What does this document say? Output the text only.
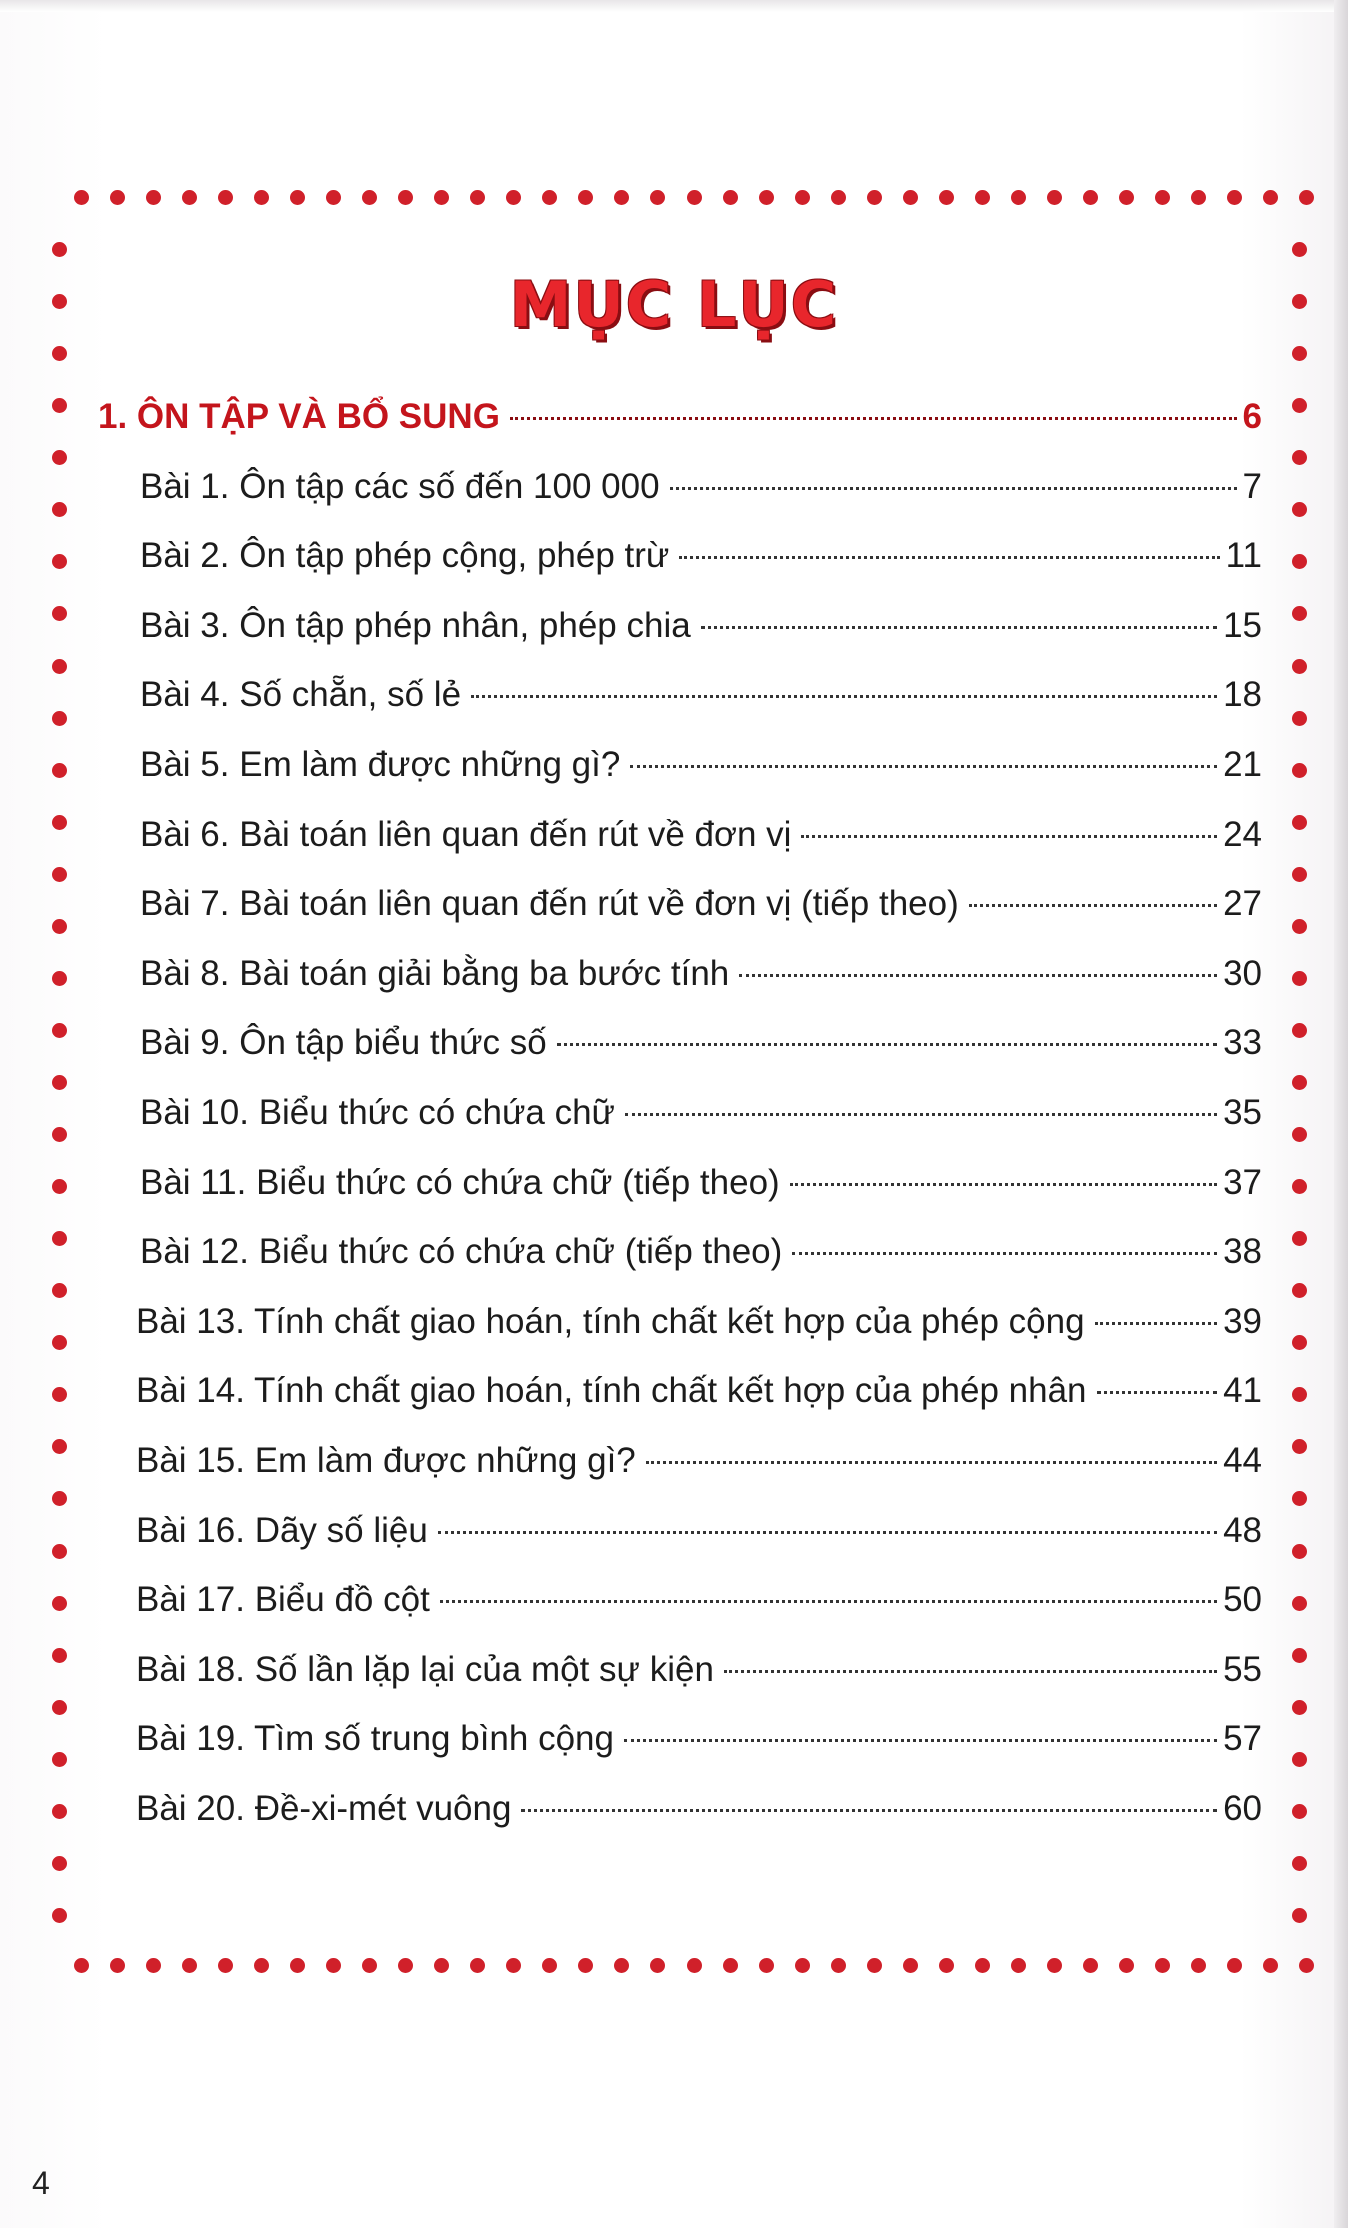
MỤC LỤC
1. ÔN TẬP VÀ BỔ SUNG	6
Bài 1. Ôn tập các số đến 100 000	7
Bài 2. Ôn tập phép cộng, phép trừ	11
Bài 3. Ôn tập phép nhân, phép chia	15
Bài 4. Số chẵn, số lẻ	18
Bài 5. Em làm được những gì?	21
Bài 6. Bài toán liên quan đến rút về đơn vị	24
Bài 7. Bài toán liên quan đến rút về đơn vị (tiếp theo)	27
Bài 8. Bài toán giải bằng ba bước tính	30
Bài 9. Ôn tập biểu thức số	33
Bài 10. Biểu thức có chứa chữ	35
Bài 11. Biểu thức có chứa chữ (tiếp theo)	37
Bài 12. Biểu thức có chứa chữ (tiếp theo)	38
Bài 13. Tính chất giao hoán, tính chất kết hợp của phép cộng	39
Bài 14. Tính chất giao hoán, tính chất kết hợp của phép nhân	41
Bài 15. Em làm được những gì?	44
Bài 16. Dãy số liệu	48
Bài 17. Biểu đồ cột	50
Bài 18. Số lần lặp lại của một sự kiện	55
Bài 19. Tìm số trung bình cộng	57
Bài 20. Đề-xi-mét vuông	60
4
